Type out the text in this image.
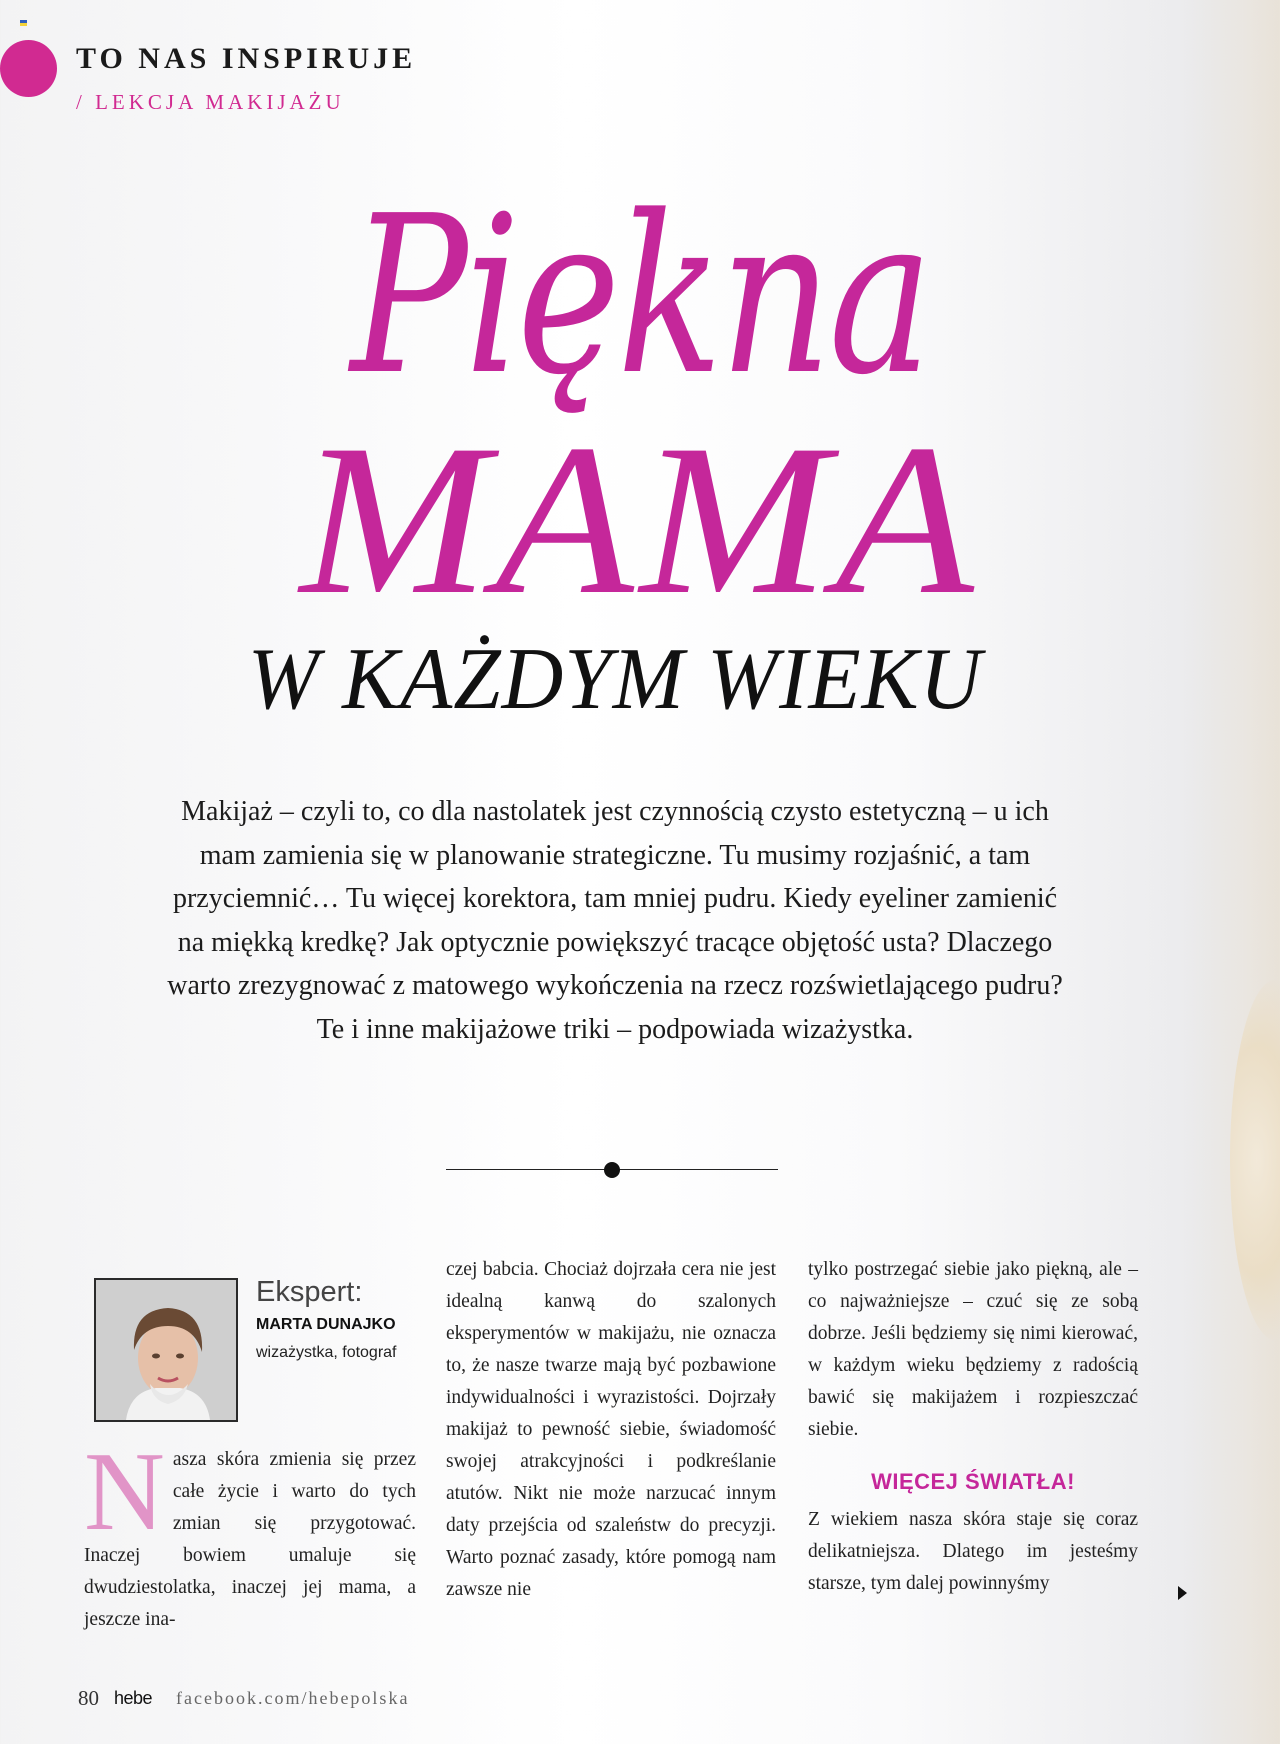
TO NAS INSPIRUJE
/ LEKCJA MAKIJAŻU
Piękna
MAMA
W KAŻDYM WIEKU
Makijaż – czyli to, co dla nastolatek jest czynnością czysto estetyczną – u ich mam zamienia się w planowanie strategiczne. Tu musimy rozjaśnić, a tam przyciemnić… Tu więcej korektora, tam mniej pudru. Kiedy eyeliner zamienić na miękką kredkę? Jak optycznie powiększyć tracące objętość usta? Dlaczego warto zrezygnować z matowego wykończenia na rzecz rozświetlającego pudru? Te i inne makijażowe triki – podpowiada wizażystka.
Ekspert:
MARTA DUNAJKO
wizażystka, fotograf
N asza skóra zmienia się przez całe życie i warto do tych zmian się przygotować. Inaczej bowiem umaluje się dwudziestolatka, inaczej jej mama, a jeszcze ina-

czej babcia. Chociaż dojrzała cera nie jest idealną kanwą do szalonych eksperymentów w makijażu, nie oznacza to, że nasze twarze mają być pozbawione indywidualności i wyrazistości. Dojrzały makijaż to pewność siebie, świadomość swojej atrakcyjności i podkreślanie atutów. Nikt nie może narzucać innym daty przejścia od szaleństw do precyzji. Warto poznać zasady, które pomogą nam zawsze nie

tylko postrzegać siebie jako piękną, ale – co najważniejsze – czuć się ze sobą dobrze. Jeśli będziemy się nimi kierować, w każdym wieku będziemy z radością bawić się makijażem i rozpieszczać siebie.

WIĘCEJ ŚWIATŁA!

Z wiekiem nasza skóra staje się coraz delikatniejsza. Dlatego im jesteśmy starsze, tym dalej powinnyśmy

80 hebe facebook.com/hebepolska
